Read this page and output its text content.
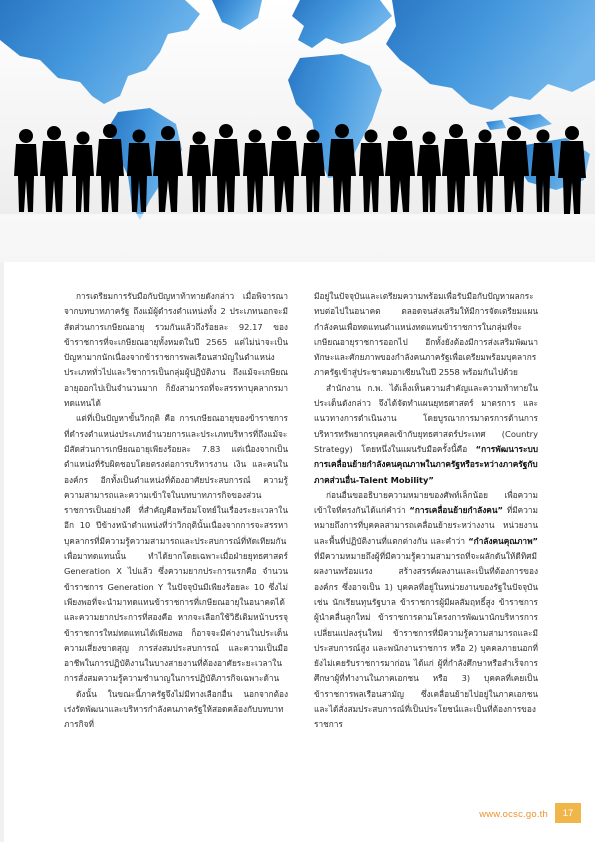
การเตรียมการรับมือกับปัญหาท้าทายดังกล่าว เมื่อพิจารณาจากบทบาทภาครัฐ ถึงแม้ผู้ดำรงตำแหน่งทั้ง 2 ประเภทนอกจะมีสัดส่วนการเกษียณอายุ รวมกันแล้วถึงร้อยละ 92.17 ของข้าราชการที่จะเกษียณอายุทั้งหมดในปี 2565 แต่ไม่น่าจะเป็นปัญหามากนักเนื่องจากข้าราชการพลเรือนสามัญในตำแหน่งประเภททั่วไปและวิชาการเป็นกลุ่มผู้ปฏิบัติงาน ถึงแม้จะเกษียณอายุออกไปเป็นจำนวนมาก ก็ยังสามารถที่จะสรรหาบุคลากรมาทดแทนได้

แต่ที่เป็นปัญหาขั้นวิกฤติ คือ การเกษียณอายุของข้าราชการที่ดำรงตำแหน่งประเภทอำนวยการและประเภทบริหารที่ถึงแม้จะมีสัดส่วนการเกษียณอายุเพียงร้อยละ 7.83 แต่เนื่องจากเป็นตำแหน่งที่รับผิดชอบโดยตรงต่อการบริหารงาน เงิน และคนในองค์กร อีกทั้งเป็นตำแหน่งที่ต้องอาศัยประสบการณ์ ความรู้ความสามารถและความเข้าใจในบทบาทภารกิจของส่วนราชการเป็นอย่างดี ที่สำคัญคือพร้อมโจทย์ในเรื่องระยะเวลาในอีก 10 ปีข้างหน้าตำแหน่งที่ว่าวิกฤตินั้นเนื่องจากการจะสรรหาบุคลากรที่มีความรู้ความสามารถและประสบการณ์ที่ทัดเทียมกัน เพื่อมาทดแทนนั้น ทำได้ยากโดยเฉพาะเมื่อฝ่ายยุทธศาสตร์ Generation X ไปแล้ว ซึ่งความยากประการแรกคือ จำนวนข้าราชการ Generation Y ในปัจจุบันมีเพียงร้อยละ 10 ซึ่งไม่เพียงพอที่จะนำมาทดแทนข้าราชการที่เกษียณอายุในอนาคตได้ และความยากประการที่สองคือ หากจะเลือกใช้วิธีเติมหน้าบรรจุข้าราชการใหม่ทดแทนได้เพียงพอ ก็อาจจะมีค่างานในประเด็นความเสี่ยงขาดสุญ การส่งสมประสบการณ์ และความเป็นมืออาชีพในการปฏิบัติงานในบางสายงานที่ต้องอาศัยระยะเวลาในการสั่งสมความรู้ความชำนาญในการปฏิบัติภารกิจเฉพาะด้าน

ดังนั้น ในขณะนี้ภาครัฐจึงไม่มีทางเลือกอื่น นอกจากต้องเร่งรัดพัฒนาและบริหารกำลังคนภาครัฐให้สอดคล้องกับบทบาทภารกิจที่

มีอยู่ในปัจจุบันและเตรียมความพร้อมเพื่อรับมือกับปัญหาผลกระทบต่อไปในอนาคต ตลอดจนส่งเสริมให้มีการจัดเตรียมแผนกำลังคนเพื่อทดแทนตำแหน่งทดแทนข้าราชการในกลุ่มที่จะเกษียณอายุราชการออกไป อีกทั้งยังต้องมีการส่งเสริมพัฒนาทักษะและศักยภาพของกำลังคนภาครัฐเพื่อเตรียมพร้อมบุคลากรภาครัฐเข้าสู่ประชาคมอาเซียนในปี 2558 พร้อมกันไปด้วย

สำนักงาน ก.พ. ได้เล็งเห็นความสำคัญและความท้าทายในประเด็นดังกล่าว จึงได้จัดทำแผนยุทธศาสตร์ มาตรการ และแนวทางการดำเนินงาน โดยบูรณาการมาตรการด้านการบริหารทรัพยากรบุคคลเข้ากับยุทธศาสตร์ประเทศ (Country Strategy) โดยหนึ่งในแผนรับมือครั้งนี้คือ “การพัฒนาระบบการเคลื่อนย้ายกำลังคนคุณภาพในภาครัฐหรือระหว่างภาครัฐกับภาคส่วนอื่น-Talent Mobility”

ก่อนอื่นขออธิบายความหมายของศัพท์เล็กน้อย เพื่อความเข้าใจที่ตรงกันได้แก่คำว่า “การเคลื่อนย้ายกำลังคน” ที่มีความหมายถึงการที่บุคคลสามารถเคลื่อนย้ายระหว่างงาน หน่วยงาน และพื้นที่ปฏิบัติงานที่แตกต่างกัน และคำว่า “กำลังคนคุณภาพ” ที่มีความหมายถึงผู้ที่มีความรู้ความสามารถที่จะผลักดันให้ดีทิศมีผลงานพร้อมแรง สร้างสรรค์ผลงานและเป็นที่ต้องการขององค์กร ซึ่งอาจเป็น 1) บุคคลที่อยู่ในหน่วยงานของรัฐในปัจจุบัน เช่น นักเรียนทุนรัฐบาล ข้าราชการผู้มีผลสัมฤทธิ์สูง ข้าราชการผู้นำคลื่นลูกใหม่ ข้าราชการตามโครงการพัฒนานักบริหารการเปลี่ยนแปลงรุ่นใหม่ ข้าราชการที่มีความรู้ความสามารถและมีประสบการณ์สูง และพนักงานราชการ หรือ 2) บุคคลภายนอกที่ยังไม่เคยรับราชการมาก่อน ได้แก่ ผู้ที่กำลังศึกษาหรือสำเร็จการศึกษาผู้ที่ทำงานในภาคเอกชน หรือ 3) บุคคลที่เคยเป็นข้าราชการพลเรือนสามัญ ซึ่งเคลื่อนย้ายไปอยู่ในภาคเอกชน และได้สั่งสมประสบการณ์ที่เป็นประโยชน์และเป็นที่ต้องการของราชการ

www.ocsc.go.th	17
